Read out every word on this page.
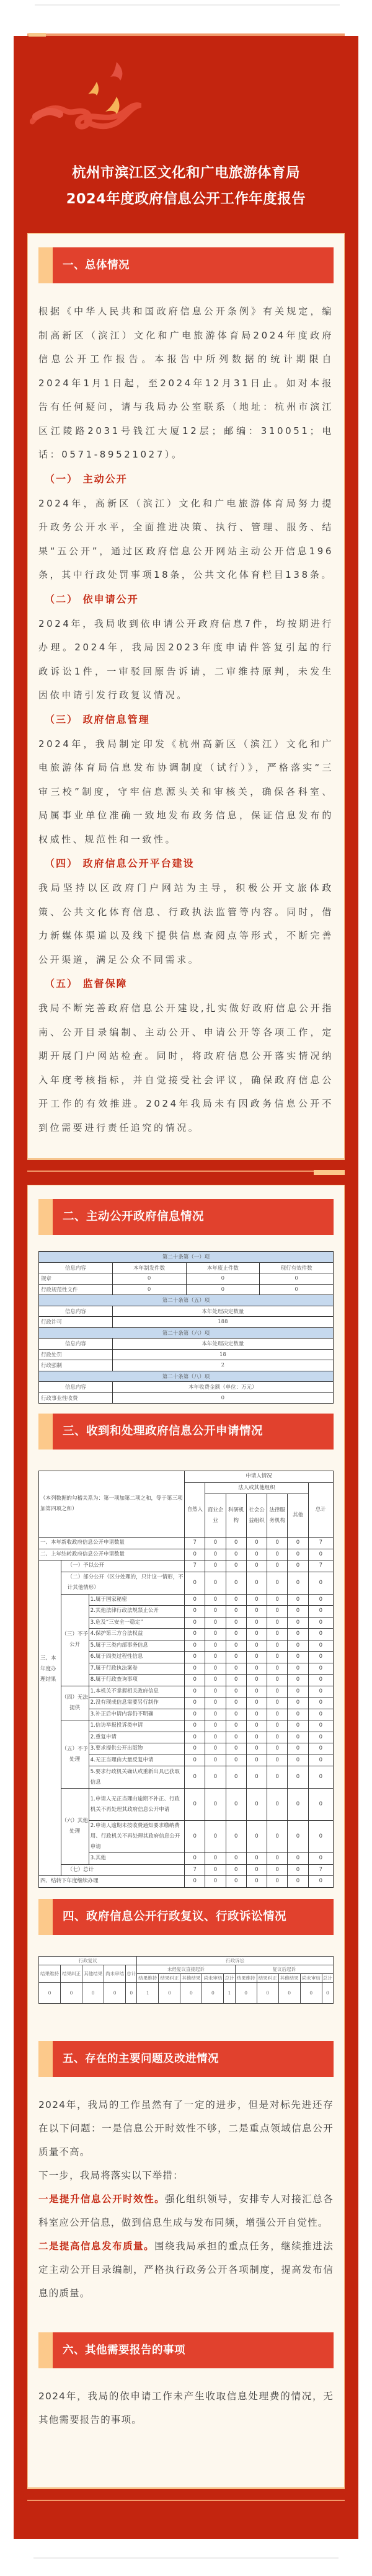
杭州市滨江区文化和广电旅游体育局
2024年度政府信息公开工作年度报告
一、总体情况

根据《中华人民共和国政府信息公开条例》有关规定，编制高新区（滨江）文化和广电旅游体育局2024年度政府信息公开工作报告。本报告中所列数据的统计期限自2024年1月1日起，至2024年12月31日止。如对本报告有任何疑问，请与我局办公室联系（地址：杭州市滨江区江陵路2031号钱江大厦12层；邮编：310051；电话：0571-89521027）。

（一） 主动公开

2024年，高新区（滨江）文化和广电旅游体育局努力提升政务公开水平，全面推进决策、执行、管理、服务、结果“五公开”，通过区政府信息公开网站主动公开信息196条，其中行政处罚事项18条，公共文化体育栏目138条。

（二） 依申请公开

2024年，我局收到依申请公开政府信息7件，均按期进行办理。2024年，我局因2023年度申请件答复引起的行政诉讼1件，一审驳回原告诉请，二审维持原判，未发生因依申请引发行政复议情况。

（三） 政府信息管理

2024年，我局制定印发《杭州高新区（滨江）文化和广电旅游体育局信息发布协调制度（试行）》，严格落实“三审三校”制度，守牢信息源头关和审核关，确保各科室、局属事业单位准确一致地发布政务信息，保证信息发布的权威性、规范性和一致性。

（四） 政府信息公开平台建设

我局坚持以区政府门户网站为主导，积极公开文旅体政策、公共文化体育信息、行政执法监管等内容。同时，借力新媒体渠道以及线下提供信息查阅点等形式，不断完善公开渠道，满足公众不同需求。

（五） 监督保障

我局不断完善政府信息公开建设,扎实做好政府信息公开指南、公开目录编制、主动公开、申请公开等各项工作，定期开展门户网站检查。同时，将政府信息公开落实情况纳入年度考核指标，并自觉接受社会评议，确保政府信息公开工作的有效推进。2024年我局未有因政务信息公开不到位需要进行责任追究的情况。

二、主动公开政府信息情况
第二十条第（一）项			
信息内容	本年制发件数	本年废止件数	现行有效件数
规章	0	0	0
行政规范性文件	0	0	0
第二十条第（五）项			
信息内容	本年处理决定数量		
行政许可	188		
第二十条第（六）项			
信息内容	本年处理决定数量		
行政处罚	18		
行政强制	2		
第二十条第（八）项			
信息内容	本年收费金额（单位：万元）		
行政事业性收费	0		
三、收到和处理政府信息公开申请情况
（本列数据的勾稽关系为：第一项加第二项之和，等于第三项加第四项之和）			申请人情况						
			自然人	法人或其他组织					总计
				商业企业	科研机构	社会公益组织	法律服务机构	其他	
一、本年新收政府信息公开申请数量			7	0	0	0	0	0	7
二、上年结转政府信息公开申请数量			0	0	0	0	0	0	0
三、本年度办理结果	（一）予以公开		7	0	0	0	0	0	7
	（二）部分公开（区分处理的，只计这一情形，不计其他情形）		0	0	0	0	0	0	0
	（三）不予公开	1.属于国家秘密	0	0	0	0	0	0	0
		2.其他法律行政法规禁止公开	0	0	0	0	0	0	0
		3.危及“三安全一稳定”	0	0	0	0	0	0	0
		4.保护第三方合法权益	0	0	0	0	0	0	0
		5.属于三类内部事务信息	0	0	0	0	0	0	0
		6.属于四类过程性信息	0	0	0	0	0	0	0
		7.属于行政执法案卷	0	0	0	0	0	0	0
		8.属于行政查询事项	0	0	0	0	0	0	0
	（四）无法提供	1.本机关不掌握相关政府信息	0	0	0	0	0	0	0
		2.没有现成信息需要另行制作	0	0	0	0	0	0	0
		3.补正后申请内容仍不明确	0	0	0	0	0	0	0
	（五）不予处理	1.信访举报投诉类申请	0	0	0	0	0	0	0
		2.重复申请	0	0	0	0	0	0	0
		3.要求提供公开出版物	0	0	0	0	0	0	0
		4.无正当理由大量反复申请	0	0	0	0	0	0	0
		5.要求行政机关确认或重新出具已获取信息	0	0	0	0	0	0	0
	（六）其他处理	1.申请人无正当理由逾期不补正、行政机关不再处理其政府信息公开申请	0	0	0	0	0	0	0
		2.申请人逾期未按收费通知要求缴纳费用、行政机关不再处理其政府信息公开申请	0	0	0	0	0	0	0
		3.其他	0	0	0	0	0	0	0
	（七）总计		7	0	0	0	0	0	7
四、结转下年度继续办理			0	0	0	0	0	0	0
四、政府信息公开行政复议、行政诉讼情况
行政复议					行政诉讼									
结果维持	结果纠正	其他结果	尚未审结	总计	未经复议直接起诉					复议后起诉				
					结果维持	结果纠正	其他结果	尚未审结	总计	结果维持	结果纠正	其他结果	尚未审结	总计
0	0	0	0	0	1	0	0	0	1	0	0	0	0	0
五、存在的主要问题及改进情况

2024年，我局的工作虽然有了一定的进步，但是对标先进还存在以下问题：一是信息公开时效性不够，二是重点领域信息公开质量不高。

下一步，我局将落实以下举措：

一是提升信息公开时效性。强化组织领导，安排专人对接汇总各科室应公开信息，做到信息生成与发布同频，增强公开自觉性。

二是提高信息发布质量。围绕我局承担的重点任务，继续推进法定主动公开目录编制，严格执行政务公开各项制度，提高发布信息的质量。

六、其他需要报告的事项

2024年，我局的依申请工作未产生收取信息处理费的情况，无其他需要报告的事项。
